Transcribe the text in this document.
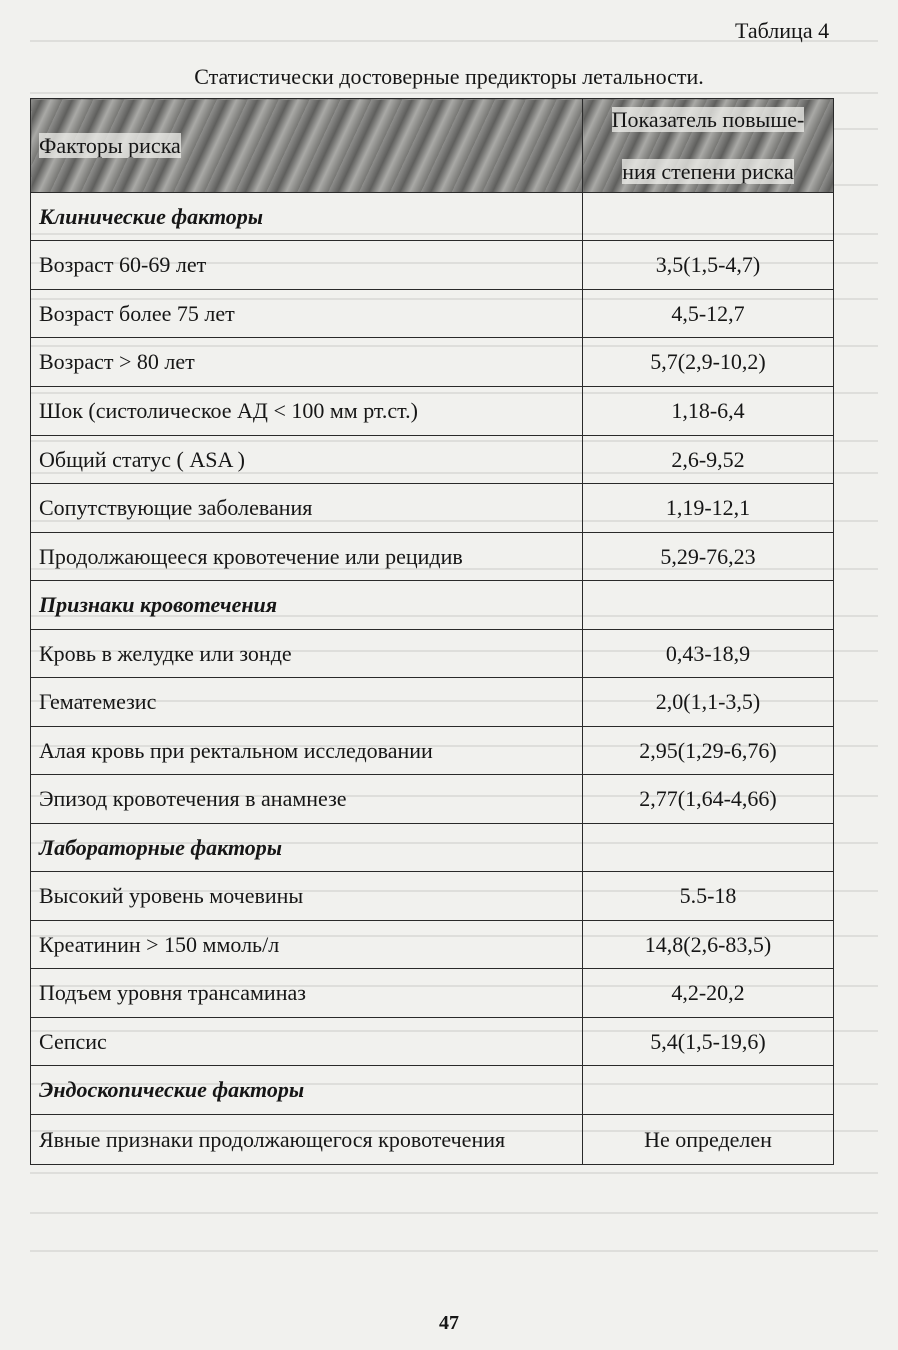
Таблица 4
Статистически достоверные предикторы летальности.
Факторы риска	Показатель повыше-

ния степени риска
Клинические факторы	
Возраст 60-69 лет	3,5(1,5-4,7)
Возраст более 75 лет	4,5-12,7
Возраст > 80 лет	5,7(2,9-10,2)
Шок (систолическое АД < 100 мм рт.ст.)	1,18-6,4
Общий статус ( ASA )	2,6-9,52
Сопутствующие заболевания	1,19-12,1
Продолжающееся кровотечение или рецидив	5,29-76,23
Признаки кровотечения	
Кровь в желудке или зонде	0,43-18,9
Гематемезис	2,0(1,1-3,5)
Алая кровь при ректальном исследовании	2,95(1,29-6,76)
Эпизод кровотечения в анамнезе	2,77(1,64-4,66)
Лабораторные факторы	
Высокий уровень мочевины	5.5-18
Креатинин > 150 ммоль/л	14,8(2,6-83,5)
Подъем уровня трансаминаз	4,2-20,2
Сепсис	5,4(1,5-19,6)
Эндоскопические факторы	
Явные признаки продолжающегося кровотечения	Не определен
47
